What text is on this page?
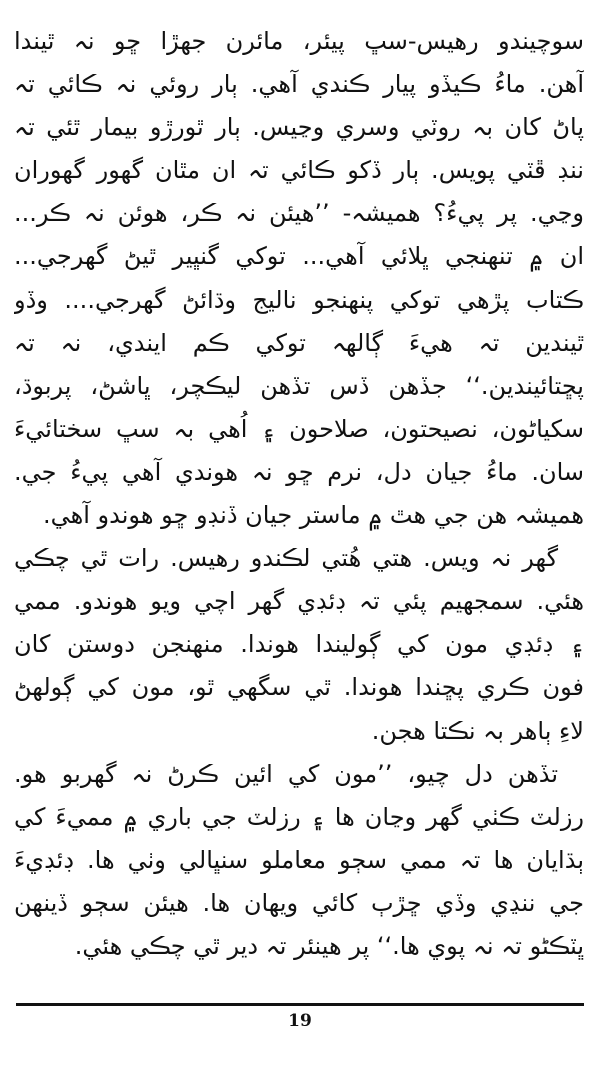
سوچيندو رهيس-سڀ پيئر، مائرن جهڙا ڇو نہ ٿيندا
آهن. ماءُ ڪيڏو پيار ڪندي آهي. ٻار روئي نہ ڪائي تہ
پاڻ کان بہ روٽي وسري وڃيس. ٻار ٿورڙو بيمار ٿئي تہ
ننڊ ڦٽي پويس. ٻار ڏکو ڪائي تہ ان مٿان گهور گهوران
وڃي. پر پيءُ؟ هميشہ- ’’هيئن نہ ڪر، هوئن نہ ڪر...
ان ۾ تنهنجي ڀلائي آهي... توکي گنڀير ٿيڻ گهرجي...
ڪتاب پڙهي توکي پنهنجو ناليج وڌائڻ گهرجي.... وڏو
ٿيندين تہ هيءَ ڳالهہ توکي ڪم ايندي، نہ تہ
پڇتائيندين.‘‘ جڏهن ڏس تڏهن ليڪچر، ڀاشڻ، پربوڌ،
سکياڻون، نصيحتون، صلاحون ۽ اُهي بہ سڀ سختائيءَ
سان. ماءُ جيان دل، نرم ڇو نہ هوندي آهي پيءُ جي.
هميشہ هن جي هٿ ۾ ماستر جيان ڏنڊو ڇو هوندو آهي.
گهر نہ ويس. هتي هُتي لڪندو رهيس. رات ٿي چڪي
هئي. سمجهيم پئي تہ ڊئڊي گهر اچي ويو هوندو. ممي
۽ ڊئڊي مون کي ڳوليندا هوندا. منهنجن دوستن کان
فون ڪري پڇندا هوندا. ٿي سگهي ٿو، مون کي ڳولهڻ
لاءِ ٻاهر بہ نڪتا هجن.
تڏهن دل چيو، ’’مون کي ائين ڪرڻ نہ گهربو هو.
رزلٽ ڪٺي گهر وڃان ها ۽ رزلٽ جي باري ۾ مميءَ کي
ٻڌايان ها تہ ممي سڄو معاملو سنڀالي وٺي ها. ڊئڊيءَ
جي ننڍي وڏي ڇڙٻ کائي ويهان ها. هيئن سڄو ڏينهن
ڀٽڪڻو تہ نہ پوي ها.‘‘ پر هينئر تہ دير ٿي چڪي هئي.
19
